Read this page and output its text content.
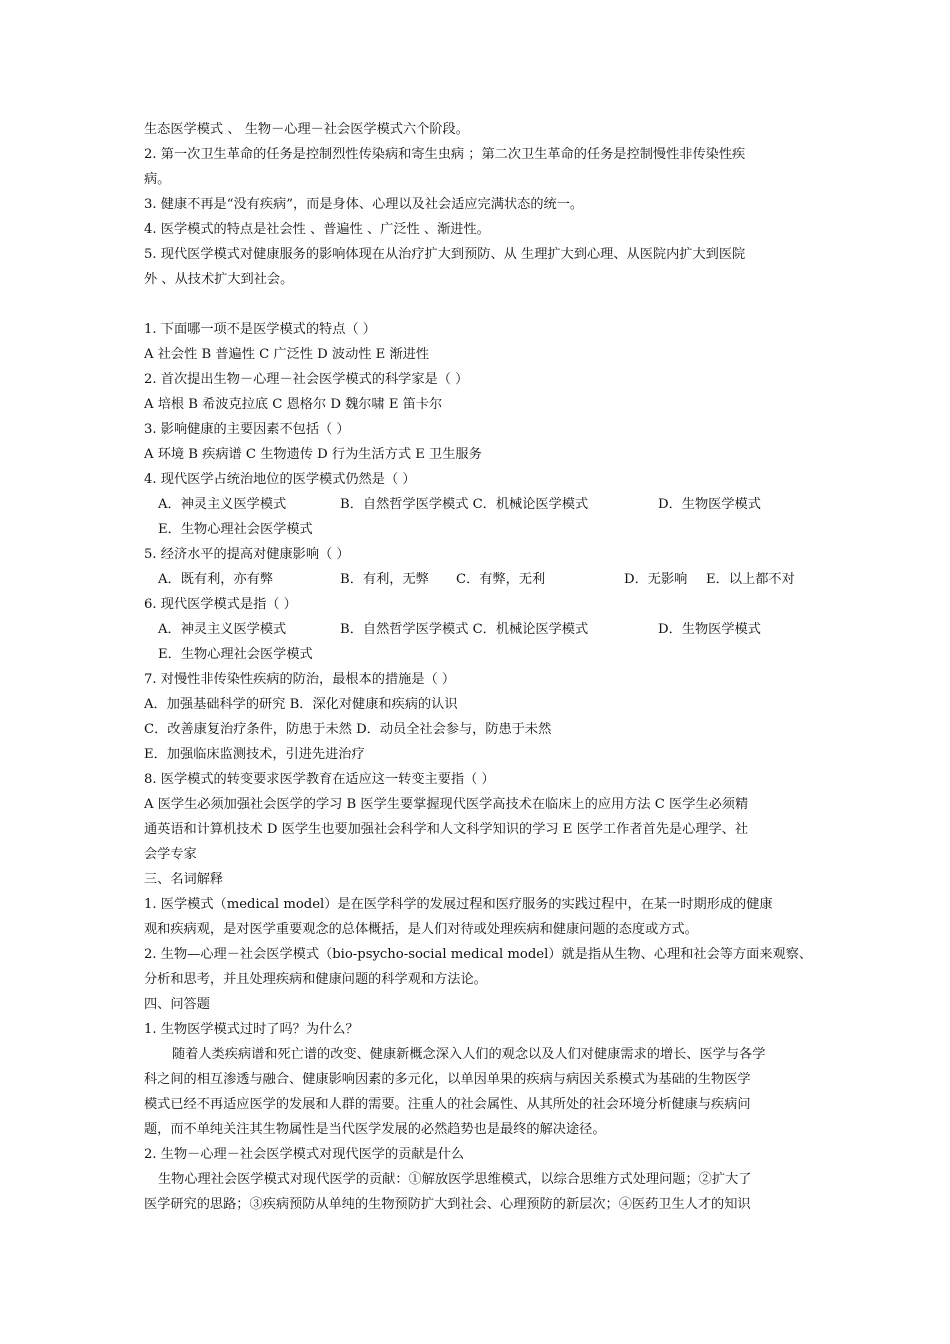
生态医学模式 、 生物－心理－社会医学模式六个阶段。
2. 第一次卫生革命的任务是控制烈性传染病和寄生虫病 ；第二次卫生革命的任务是控制慢性非传染性疾
病。
3. 健康不再是“没有疾病”，而是身体、心理以及社会适应完满状态的统一。
4. 医学模式的特点是社会性 、普遍性 、广泛性 、渐进性。
5. 现代医学模式对健康服务的影响体现在从治疗扩大到预防、从 生理扩大到心理、从医院内扩大到医院
外 、从技术扩大到社会。
1. 下面哪一项不是医学模式的特点（ ）
A 社会性 B 普遍性 C 广泛性 D 波动性 E 渐进性
2. 首次提出生物－心理－社会医学模式的科学家是（ ）
A 培根 B 希波克拉底 C 恩格尔 D 魏尔啸 E 笛卡尔
3. 影响健康的主要因素不包括（ ）
A 环境 B 疾病谱 C 生物遗传 D 行为生活方式 E 卫生服务
4. 现代医学占统治地位的医学模式仍然是（ ）
A．神灵主义医学模式	B．自然哲学医学模式 C．机械论医学模式	D．生物医学模式
E．生物心理社会医学模式
5. 经济水平的提高对健康影响（ ）
A．既有利，亦有弊	B．有利，无弊 C．有弊，无利	D．无影响 E．以上都不对
6. 现代医学模式是指（ ）
A．神灵主义医学模式	B．自然哲学医学模式 C．机械论医学模式	D．生物医学模式
E．生物心理社会医学模式
7. 对慢性非传染性疾病的防治，最根本的措施是（ ）
A．加强基础科学的研究 B．深化对健康和疾病的认识
C．改善康复治疗条件，防患于未然 D．动员全社会参与，防患于未然
E．加强临床监测技术，引进先进治疗
8. 医学模式的转变要求医学教育在适应这一转变主要指（ ）
A 医学生必须加强社会医学的学习 B 医学生要掌握现代医学高技术在临床上的应用方法 C 医学生必须精
通英语和计算机技术 D 医学生也要加强社会科学和人文科学知识的学习 E 医学工作者首先是心理学、社
会学专家
三、名词解释
1. 医学模式（medical model）是在医学科学的发展过程和医疗服务的实践过程中，在某一时期形成的健康
观和疾病观，是对医学重要观念的总体概括，是人们对待或处理疾病和健康问题的态度或方式。
2. 生物—心理－社会医学模式（bio-psycho-social medical model）就是指从生物、心理和社会等方面来观察、
分析和思考，并且处理疾病和健康问题的科学观和方法论。
四、问答题
1. 生物医学模式过时了吗？为什么？
随着人类疾病谱和死亡谱的改变、健康新概念深入人们的观念以及人们对健康需求的增长、医学与各学
科之间的相互渗透与融合、健康影响因素的多元化，以单因单果的疾病与病因关系模式为基础的生物医学
模式已经不再适应医学的发展和人群的需要。注重人的社会属性、从其所处的社会环境分析健康与疾病问
题，而不单纯关注其生物属性是当代医学发展的必然趋势也是最终的解决途径。
2. 生物－心理－社会医学模式对现代医学的贡献是什么
生物心理社会医学模式对现代医学的贡献：①解放医学思维模式，以综合思维方式处理问题；②扩大了
医学研究的思路；③疾病预防从单纯的生物预防扩大到社会、心理预防的新层次；④医药卫生人才的知识
